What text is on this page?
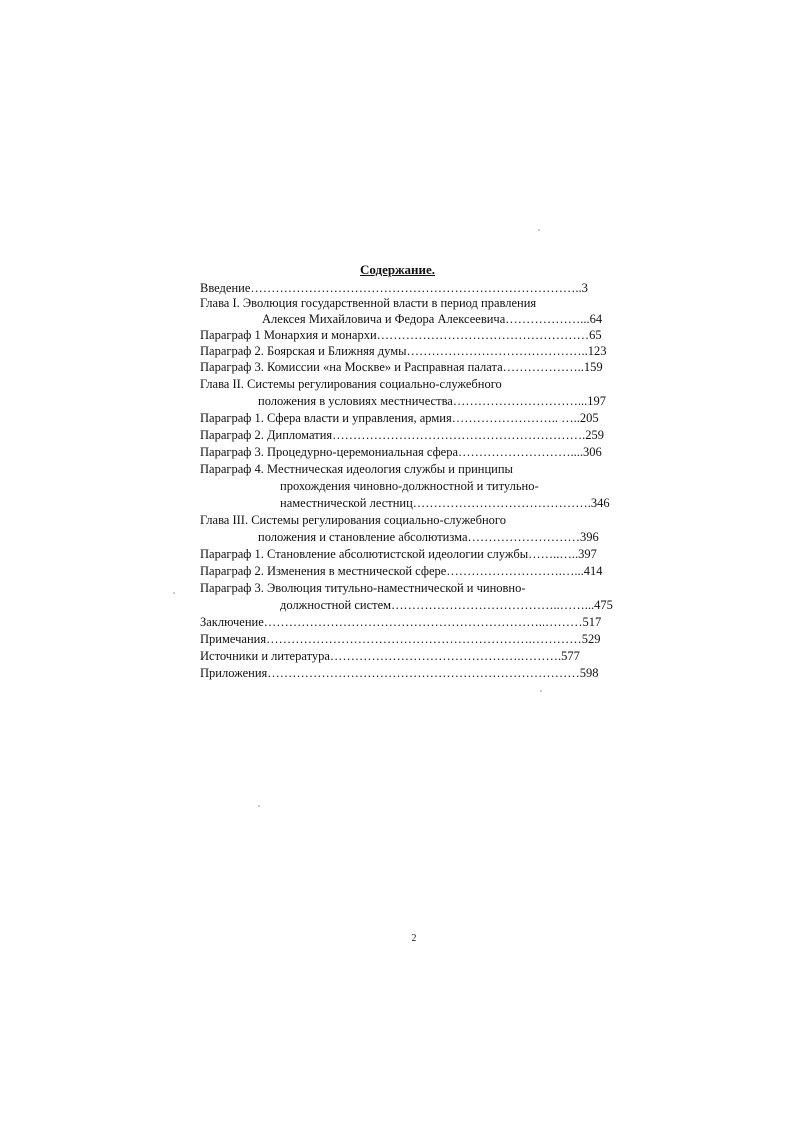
Содержание.
Введение……………………………………………………………………..3
Глава I. Эволюция государственной власти в период правления
Алексея Михайловича и Федора Алексеевича………………...64
Параграф 1 Монархия и монархи……………………………………………65
Параграф 2. Боярская и Ближняя думы……………………………………..123
Параграф 3. Комиссии «на Москве» и Расправная палата………………..159
Глава II. Системы регулирования социально-служебного
положения в условиях местничества…………………………...197
Параграф 1. Сфера власти и управления, армия…………………….. …..205
Параграф 2. Дипломатия…………………………………………………….259
Параграф 3. Процедурно-церемониальная сфера………………………....306
Параграф 4. Местническая идеология службы и принципы
прохождения чиновно-должностной и титульно-
наместнической лестниц…………………………………….346
Глава III. Системы регулирования социально-служебного
положения и становление абсолютизма………………………396
Параграф 1. Становление абсолютистской идеологии службы……..…..397
Параграф 2. Изменения в местнической сфере……………………….…...414
Параграф 3. Эволюция титульно-наместнической и чиновно-
должностной систем…………………………………..……...475
Заключение…………………………………………………………..………517
Примечания……………………………………………………….…………529
Источники и литература……………………………………….……….577
Приложения…………………………………………………………………598
2
